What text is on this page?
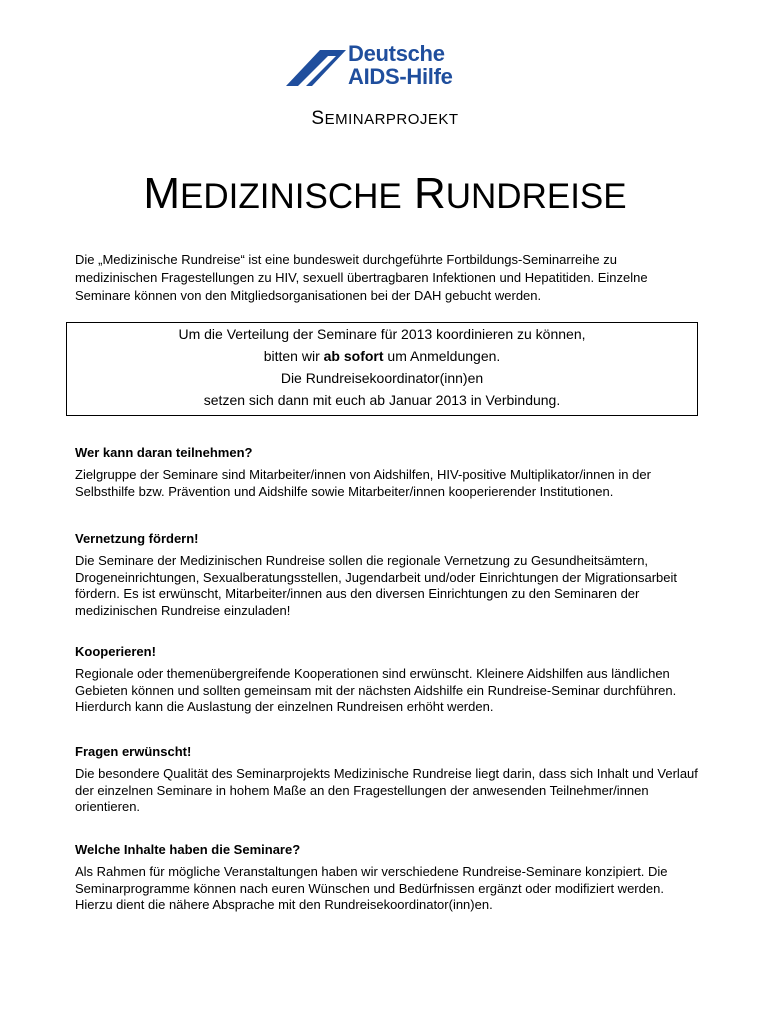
Deutsche
AIDS-Hilfe
SEMINARPROJEKT
MEDIZINISCHE RUNDREISE
Die „Medizinische Rundreise“ ist eine bundesweit durchgeführte Fortbildungs-Seminarreihe zu medizinischen Fragestellungen zu HIV, sexuell übertragbaren Infektionen und Hepatitiden. Einzelne Seminare können von den Mitgliedsorganisationen bei der DAH gebucht werden.

Um die Verteilung der Seminare für 2013 koordinieren zu können,

bitten wir ab sofort um Anmeldungen.

Die Rundreisekoordinator(inn)en

setzen sich dann mit euch ab Januar 2013 in Verbindung.

Wer kann daran teilnehmen?

Zielgruppe der Seminare sind Mitarbeiter/innen von Aidshilfen, HIV-positive Multiplikator/innen in der Selbsthilfe bzw. Prävention und Aidshilfe sowie Mitarbeiter/innen kooperierender Institutionen.

Vernetzung fördern!

Die Seminare der Medizinischen Rundreise sollen die regionale Vernetzung zu Gesundheitsämtern, Drogeneinrichtungen, Sexualberatungsstellen, Jugendarbeit und/oder Einrichtungen der Migrationsarbeit fördern. Es ist erwünscht, Mitarbeiter/innen aus den diversen Einrichtungen zu den Seminaren der medizinischen Rundreise einzuladen!

Kooperieren!

Regionale oder themenübergreifende Kooperationen sind erwünscht. Kleinere Aidshilfen aus ländlichen Gebieten können und sollten gemeinsam mit der nächsten Aidshilfe ein Rundreise-Seminar durchführen. Hierdurch kann die Auslastung der einzelnen Rundreisen erhöht werden.

Fragen erwünscht!

Die besondere Qualität des Seminarprojekts Medizinische Rundreise liegt darin, dass sich Inhalt und Verlauf der einzelnen Seminare in hohem Maße an den Fragestellungen der anwesenden Teilnehmer/innen orientieren.

Welche Inhalte haben die Seminare?

Als Rahmen für mögliche Veranstaltungen haben wir verschiedene Rundreise-Seminare konzipiert. Die Seminarprogramme können nach euren Wünschen und Bedürfnissen ergänzt oder modifiziert werden. Hierzu dient die nähere Absprache mit den Rundreisekoordinator(inn)en.
